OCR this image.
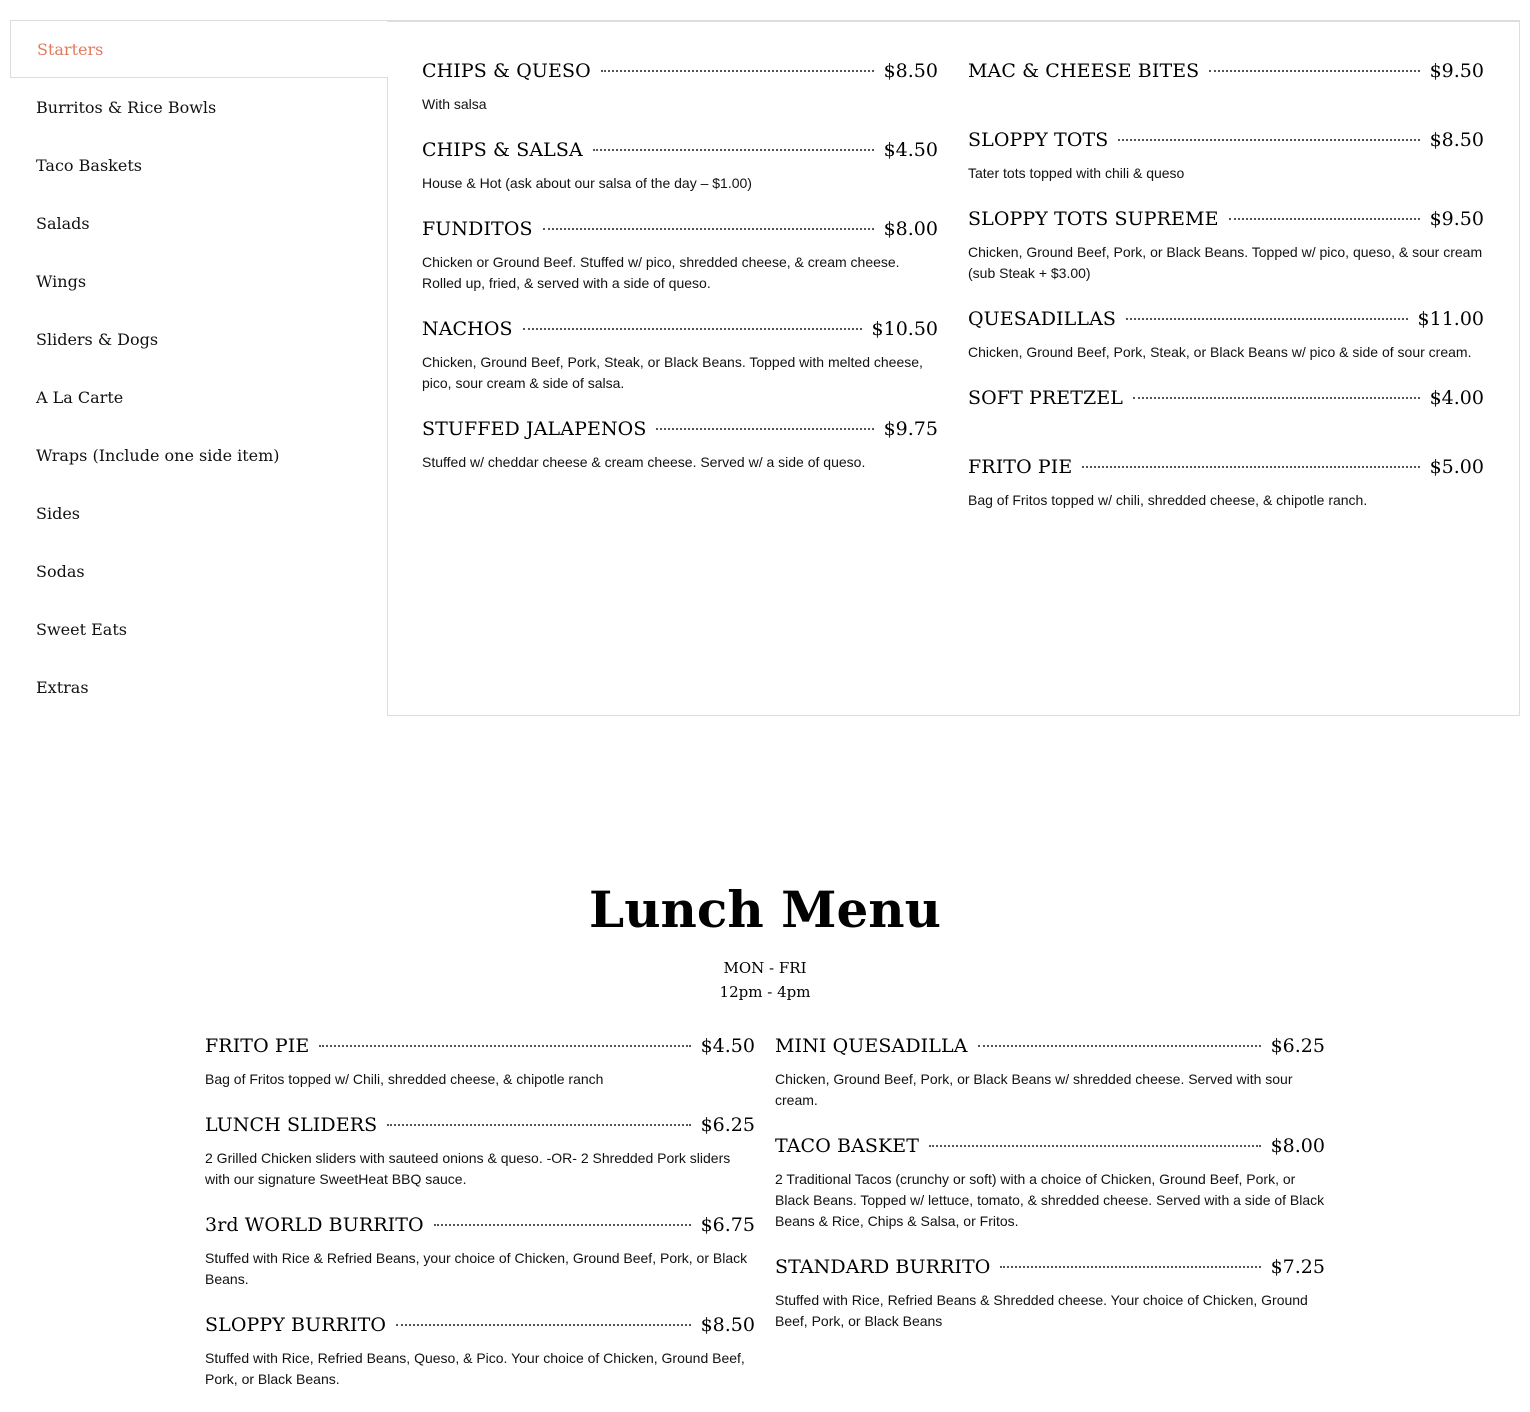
Starters
Burritos & Rice Bowls
Taco Baskets
Salads
Wings
Sliders & Dogs
A La Carte
Wraps (Include one side item)
Sides
Sodas
Sweet Eats
Extras
CHIPS & QUESO	$8.50
With salsa
CHIPS & SALSA	$4.50
House & Hot (ask about our salsa of the day – $1.00)
FUNDITOS	$8.00
Chicken or Ground Beef. Stuffed w/ pico, shredded cheese, & cream cheese. Rolled up, fried, & served with a side of queso.
NACHOS	$10.50
Chicken, Ground Beef, Pork, Steak, or Black Beans. Topped with melted cheese, pico, sour cream & side of salsa.
STUFFED JALAPENOS	$9.75
Stuffed w/ cheddar cheese & cream cheese. Served w/ a side of queso.
MAC & CHEESE BITES	$9.50
SLOPPY TOTS	$8.50
Tater tots topped with chili & queso
SLOPPY TOTS SUPREME	$9.50
Chicken, Ground Beef, Pork, or Black Beans. Topped w/ pico, queso, & sour cream (sub Steak + $3.00)
QUESADILLAS	$11.00
Chicken, Ground Beef, Pork, Steak, or Black Beans w/ pico & side of sour cream.
SOFT PRETZEL	$4.00
FRITO PIE	$5.00
Bag of Fritos topped w/ chili, shredded cheese, & chipotle ranch.
Lunch Menu
MON - FRI
12pm - 4pm
FRITO PIE	$4.50
Bag of Fritos topped w/ Chili, shredded cheese, & chipotle ranch
LUNCH SLIDERS	$6.25
2 Grilled Chicken sliders with sauteed onions & queso. -OR- 2 Shredded Pork sliders with our signature SweetHeat BBQ sauce.
3rd WORLD BURRITO	$6.75
Stuffed with Rice & Refried Beans, your choice of Chicken, Ground Beef, Pork, or Black Beans.
SLOPPY BURRITO	$8.50
Stuffed with Rice, Refried Beans, Queso, & Pico. Your choice of Chicken, Ground Beef, Pork, or Black Beans.
MINI QUESADILLA	$6.25
Chicken, Ground Beef, Pork, or Black Beans w/ shredded cheese. Served with sour cream.
TACO BASKET	$8.00
2 Traditional Tacos (crunchy or soft) with a choice of Chicken, Ground Beef, Pork, or Black Beans. Topped w/ lettuce, tomato, & shredded cheese. Served with a side of Black Beans & Rice, Chips & Salsa, or Fritos.
STANDARD BURRITO	$7.25
Stuffed with Rice, Refried Beans & Shredded cheese. Your choice of Chicken, Ground Beef, Pork, or Black Beans
